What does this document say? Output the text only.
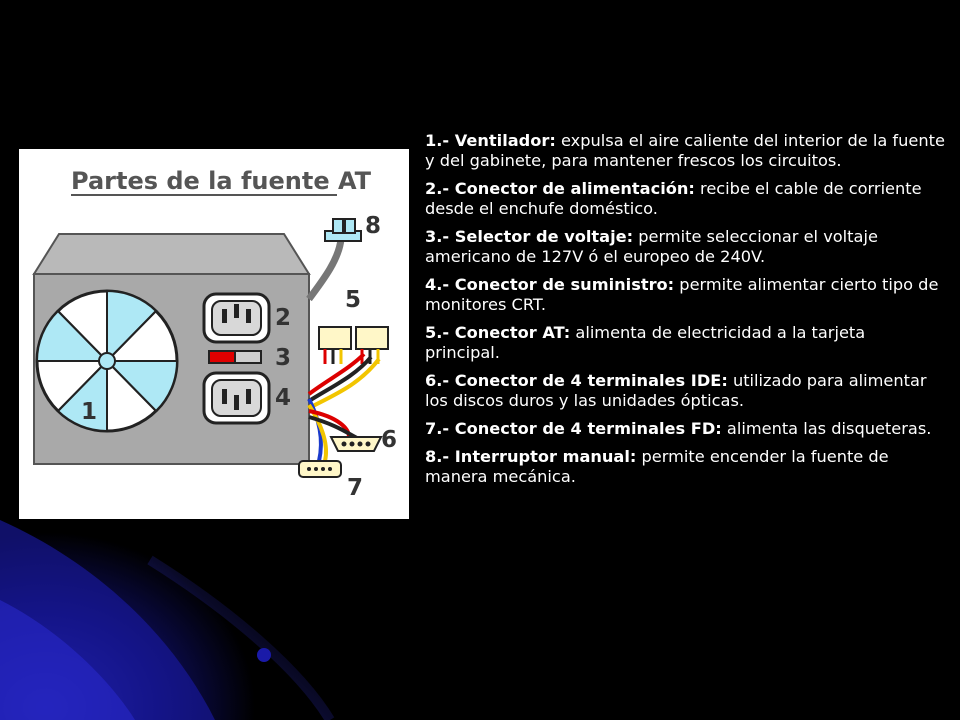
Partes de la fuente AT
1
2
3
4
5
6
7
8

1.- Ventilador: expulsa el aire caliente del interior de la fuente y del gabinete, para mantener frescos los circuitos.

2.- Conector de alimentación: recibe el cable de corriente desde el enchufe doméstico.

3.- Selector de voltaje: permite seleccionar el voltaje americano de 127V ó el europeo de 240V.

4.- Conector de suministro: permite alimentar cierto tipo de monitores CRT.

5.- Conector AT: alimenta de electricidad a la tarjeta principal.

6.- Conector de 4 terminales IDE: utilizado para alimentar los discos duros y las unidades ópticas.

7.- Conector de 4 terminales FD: alimenta las disqueteras.

8.- Interruptor manual: permite encender la fuente de manera mecánica.
